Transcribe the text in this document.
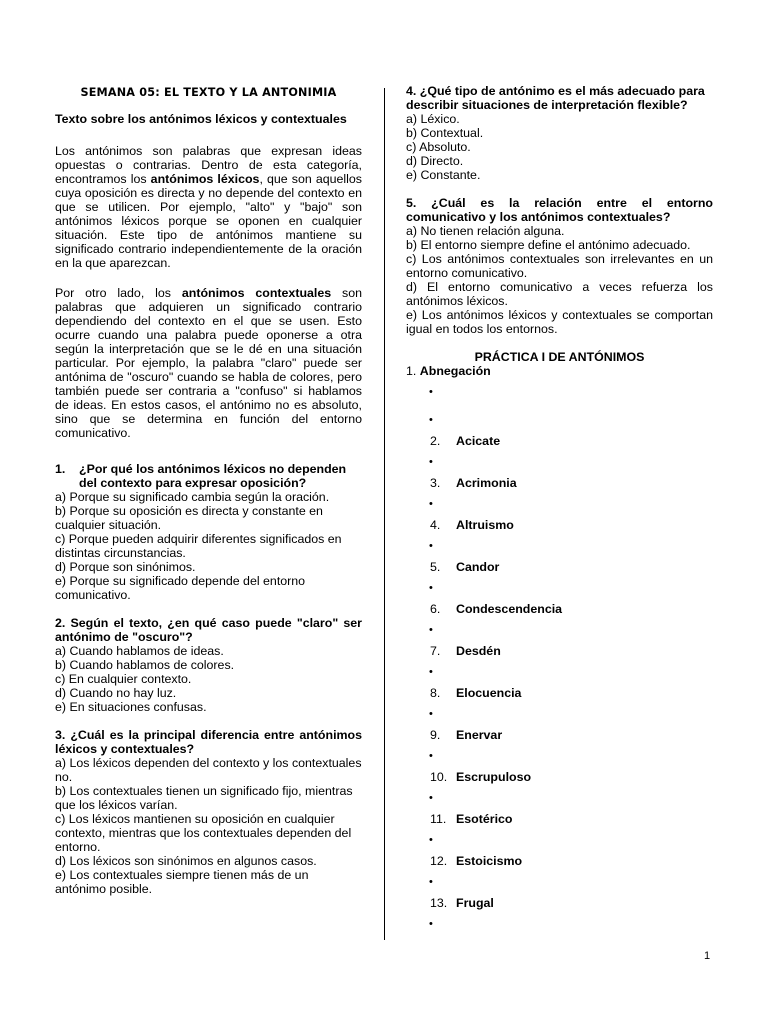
SEMANA 05: EL TEXTO Y LA ANTONIMIA
Texto sobre los antónimos léxicos y contextuales
Los antónimos son palabras que expresan ideas opuestas o contrarias. Dentro de esta categoría, encontramos los antónimos léxicos, que son aquellos cuya oposición es directa y no depende del contexto en que se utilicen. Por ejemplo, "alto" y "bajo" son antónimos léxicos porque se oponen en cualquier situación. Este tipo de antónimos mantiene su significado contrario independientemente de la oración en la que aparezcan.
Por otro lado, los antónimos contextuales son palabras que adquieren un significado contrario dependiendo del contexto en el que se usen. Esto ocurre cuando una palabra puede oponerse a otra según la interpretación que se le dé en una situación particular. Por ejemplo, la palabra "claro" puede ser antónima de "oscuro" cuando se habla de colores, pero también puede ser contraria a "confuso" si hablamos de ideas. En estos casos, el antónimo no es absoluto, sino que se determina en función del entorno comunicativo.
1.	¿Por qué los antónimos léxicos no dependen del contexto para expresar oposición?
a) Porque su significado cambia según la oración.
b) Porque su oposición es directa y constante en cualquier situación.
c) Porque pueden adquirir diferentes significados en distintas circunstancias.
d) Porque son sinónimos.
e) Porque su significado depende del entorno comunicativo.
2. Según el texto, ¿en qué caso puede "claro" ser antónimo de "oscuro"?
a) Cuando hablamos de ideas.
b) Cuando hablamos de colores.
c) En cualquier contexto.
d) Cuando no hay luz.
e) En situaciones confusas.
3. ¿Cuál es la principal diferencia entre antónimos léxicos y contextuales?
a) Los léxicos dependen del contexto y los contextuales no.
b) Los contextuales tienen un significado fijo, mientras que los léxicos varían.
c) Los léxicos mantienen su oposición en cualquier contexto, mientras que los contextuales dependen del entorno.
d) Los léxicos son sinónimos en algunos casos.
e) Los contextuales siempre tienen más de un antónimo posible.
4. ¿Qué tipo de antónimo es el más adecuado para describir situaciones de interpretación flexible?
a) Léxico.
b) Contextual.
c) Absoluto.
d) Directo.
e) Constante.
5. ¿Cuál es la relación entre el entorno comunicativo y los antónimos contextuales?
a) No tienen relación alguna.
b) El entorno siempre define el antónimo adecuado.
c) Los antónimos contextuales son irrelevantes en un entorno comunicativo.
d) El entorno comunicativo a veces refuerza los antónimos léxicos.
e) Los antónimos léxicos y contextuales se comportan igual en todos los entornos.
PRÁCTICA I DE ANTÓNIMOS
1. Abnegación
•
•
2.	Acicate
•
3.	Acrimonia
•
4.	Altruismo
•
5.	Candor
•
6.	Condescendencia
•
7.	Desdén
•
8.	Elocuencia
•
9.	Enervar
•
10. Escrupuloso
•
11. Esotérico
•
12. Estoicismo
•
13. Frugal
•
1
